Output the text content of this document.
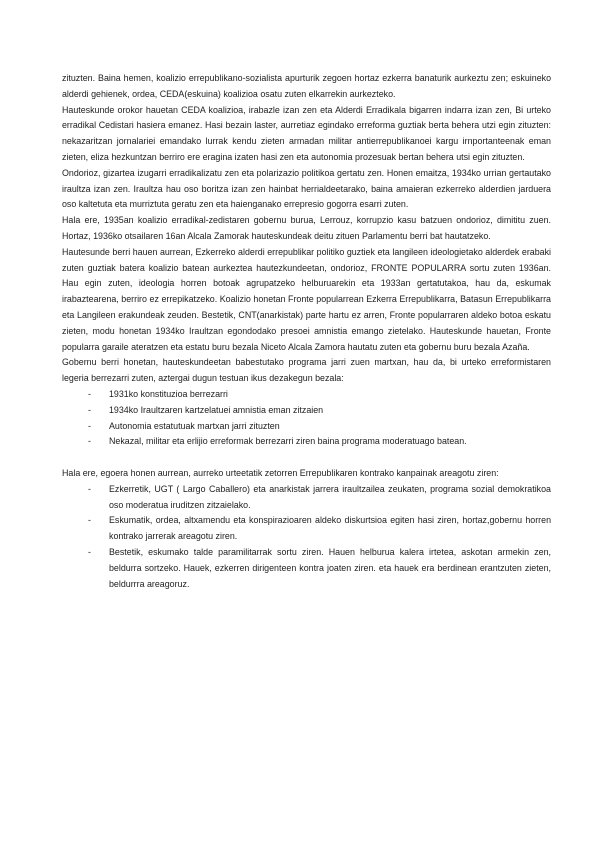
zituzten. Baina hemen, koalizio errepublikano-sozialista apurturik zegoen hortaz ezkerra banaturik aurkeztu zen; eskuineko alderdi gehienek, ordea, CEDA(eskuina) koalizioa osatu zuten elkarrekin aurkezteko.

Hauteskunde orokor hauetan CEDA koalizioa, irabazle izan zen eta Alderdi Erradikala bigarren indarra izan zen, Bi urteko erradikal Cedistari hasiera emanez. Hasi bezain laster, aurretiaz egindako erreforma guztiak berta behera utzi egin zituzten: nekazaritzan jornalariei emandako lurrak kendu zieten armadan militar antierrepublikanoei kargu irnportanteenak eman zieten, eliza hezkuntzan berriro ere eragina izaten hasi zen eta autonomia prozesuak bertan behera utsi egin zituzten.

Ondorioz, gizartea izugarri erradikalizatu zen eta polarizazio politikoa gertatu zen. Honen emaitza, 1934ko urrian gertautako iraultza izan zen. Iraultza hau oso boritza izan zen hainbat herrialdeetarako, baina amaieran ezkerreko alderdien jarduera oso kaltetuta eta murriztuta geratu zen eta haienganako errepresio gogorra esarri zuten.

Hala ere, 1935an koalizio erradikal-zedistaren gobernu burua, Lerrouz, korrupzio kasu batzuen ondorioz, dimititu zuen. Hortaz, 1936ko otsailaren 16an Alcala Zamorak hauteskundeak deitu zituen Parlamentu berri bat hautatzeko.

Hautesunde berri hauen aurrean, Ezkerreko alderdi errepublikar politiko guztiek eta langileen ideologietako alderdek erabaki zuten guztiak batera koalizio batean aurkeztea hautezkundeetan, ondorioz, FRONTE POPULARRA sortu zuten 1936an. Hau egin zuten, ideologia horren botoak agrupatzeko helburuarekin eta 1933an gertatutakoa, hau da, eskumak irabaztearena, berriro ez errepikatzeko. Koalizio honetan Fronte popularrean Ezkerra Errepublikarra, Batasun Errepublikarra eta Langileen erakundeak zeuden. Bestetik, CNT(anarkistak) parte hartu ez arren, Fronte popularraren aldeko botoa eskatu zieten, modu honetan 1934ko Iraultzan egondodako presoei amnistia emango zietelako. Hauteskunde hauetan, Fronte popularra garaile ateratzen eta estatu buru bezala Niceto Alcala Zamora hautatu zuten eta gobernu buru bezala Azaña.

Gobernu berri honetan, hauteskundeetan babestutako programa jarri zuen martxan, hau da, bi urteko erreformistaren legeria berrezarri zuten, aztergai dugun testuan ikus dezakegun bezala:

- 1931ko konstituzioa berrezarri
- 1934ko Iraultzaren kartzelatuei amnistia eman zitzaien
- Autonomia estatutuak martxan jarri zituzten
- Nekazal, militar eta erlijio erreformak berrezarri ziren baina programa moderatuago batean.

Hala ere, egoera honen aurrean, aurreko urteetatik zetorren Errepublikaren kontrako kanpainak areagotu ziren:

- Ezkerretik, UGT ( Largo Caballero) eta anarkistak jarrera iraultzailea zeukaten, programa sozial demokratikoa oso moderatua iruditzen zitzaielako.
- Eskumatik, ordea, altxamendu eta konspirazioaren aldeko diskurtsioa egiten hasi ziren, hortaz,gobernu horren kontrako jarrerak areagotu ziren.
- Bestetik, eskumako talde paramilitarrak sortu ziren. Hauen helburua kalera irtetea, askotan armekin zen, beldurra sortzeko. Hauek, ezkerren dirigenteen kontra joaten ziren. eta hauek era berdinean erantzuten zieten, beldurrra areagoruz.
